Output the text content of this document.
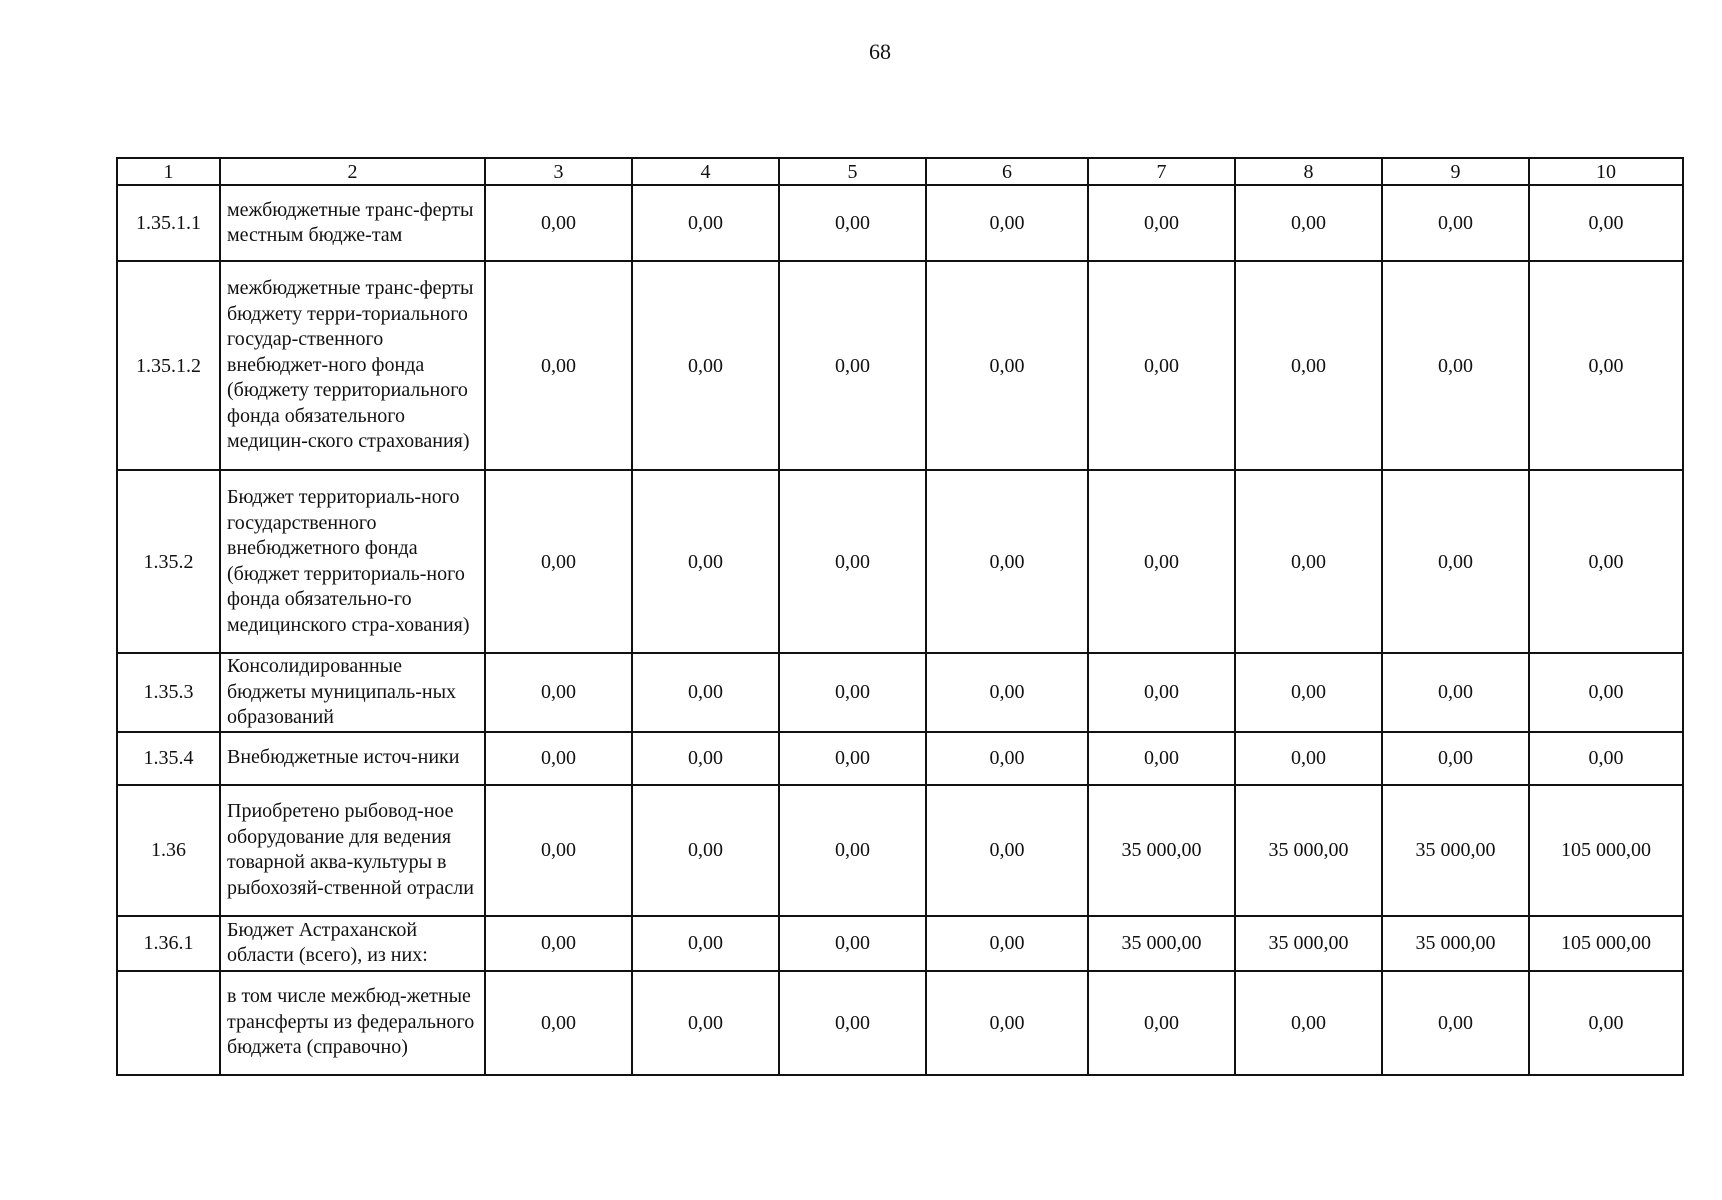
68
1	2	3	4	5	6	7	8	9	10
1.35.1.1	межбюджетные транс-ферты местным бюдже-там	0,00	0,00	0,00	0,00	0,00	0,00	0,00	0,00
1.35.1.2	межбюджетные транс-ферты бюджету терри-ториального государ-ственного внебюджет-ного фонда (бюджету территориального фонда обязательного медицин-ского страхования)	0,00	0,00	0,00	0,00	0,00	0,00	0,00	0,00
1.35.2	Бюджет территориаль-ного государственного внебюджетного фонда (бюджет территориаль-ного фонда обязательно-го медицинского стра-хования)	0,00	0,00	0,00	0,00	0,00	0,00	0,00	0,00
1.35.3	Консолидированные бюджеты муниципаль-ных образований	0,00	0,00	0,00	0,00	0,00	0,00	0,00	0,00
1.35.4	Внебюджетные источ-ники	0,00	0,00	0,00	0,00	0,00	0,00	0,00	0,00
1.36	Приобретено рыбовод-ное оборудование для ведения товарной аква-культуры в рыбохозяй-ственной отрасли	0,00	0,00	0,00	0,00	35 000,00	35 000,00	35 000,00	105 000,00
1.36.1	Бюджет Астраханской области (всего), из них:	0,00	0,00	0,00	0,00	35 000,00	35 000,00	35 000,00	105 000,00
	в том числе межбюд-жетные трансферты из федерального бюджета (справочно)	0,00	0,00	0,00	0,00	0,00	0,00	0,00	0,00
